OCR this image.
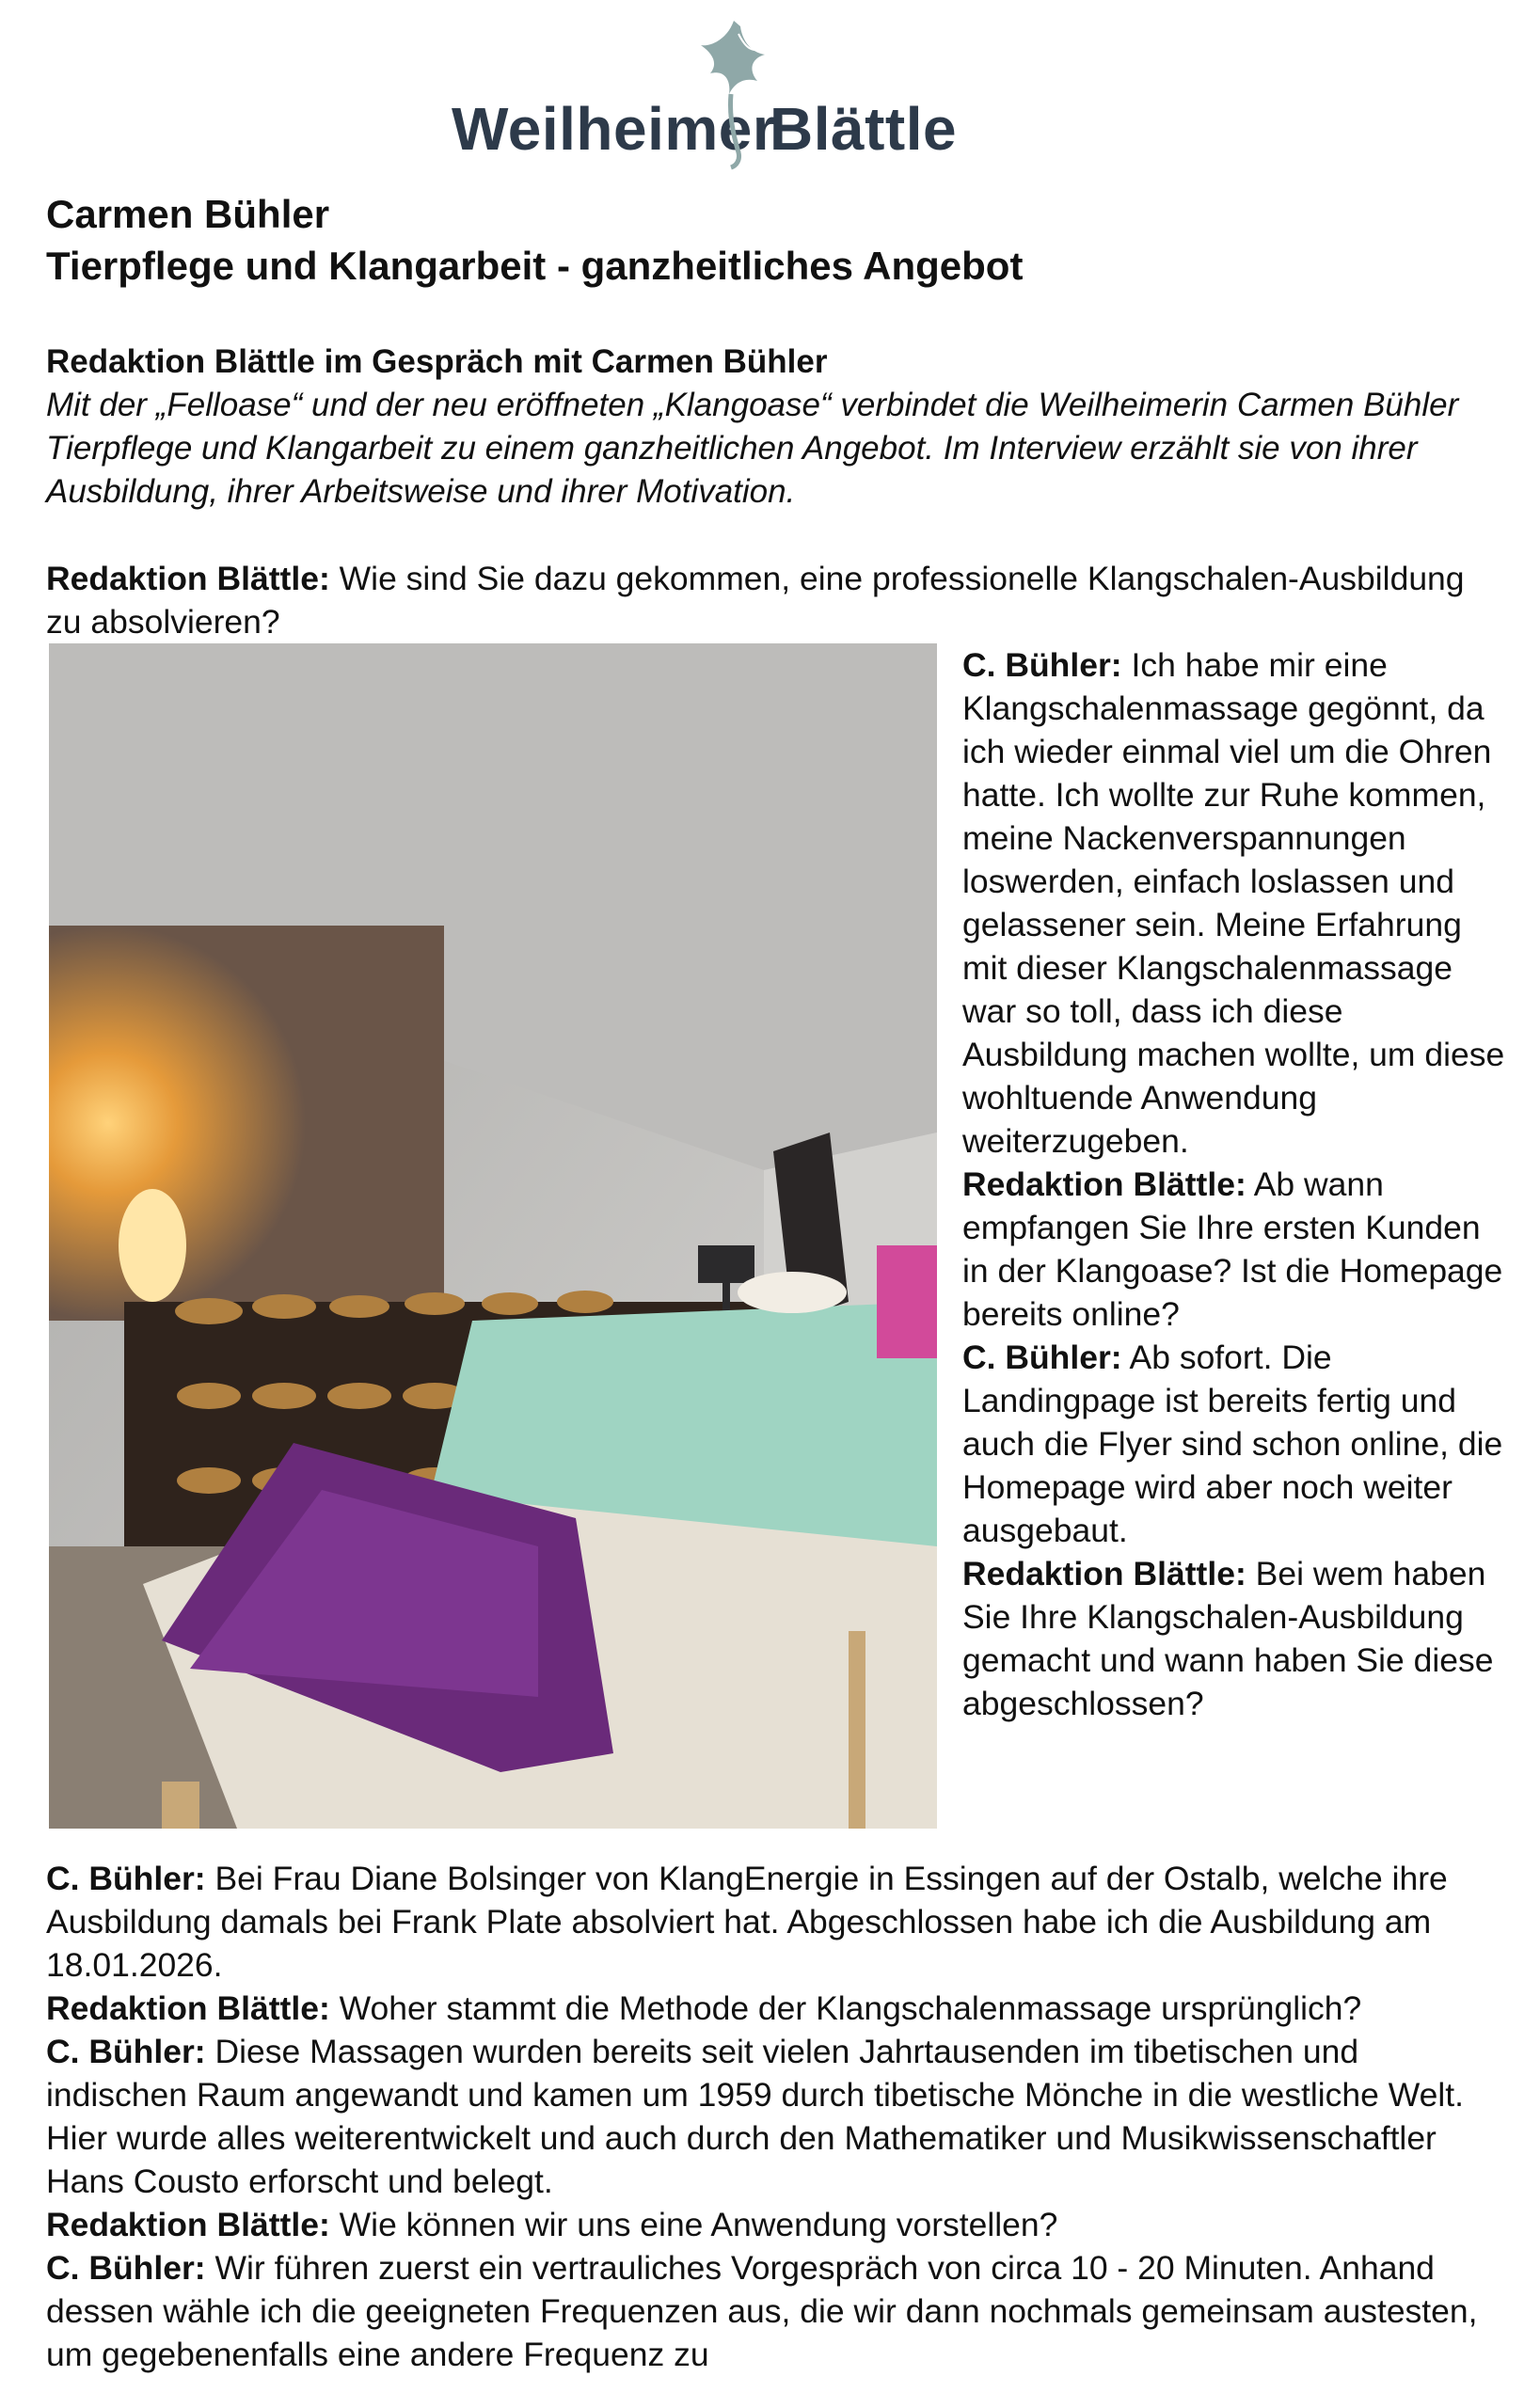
Weilheimer
Blättle

Carmen Bühler

Tierpflege und Klangarbeit - ganzheitliches Angebot

Redaktion Blättle im Gespräch mit Carmen Bühler

Mit der „Felloase“ und der neu eröffneten „Klangoase“ verbindet die Weilheimerin Carmen Bühler Tierpflege und Klangarbeit zu einem ganzheitlichen Angebot. Im Interview erzählt sie von ihrer Ausbildung, ihrer Arbeitsweise und ihrer Motivation.

Redaktion Blättle: Wie sind Sie dazu gekommen, eine professionelle Klangschalen-Ausbildung zu absolvieren?

C. Bühler: Ich habe mir eine Klangschalenmassage gegönnt, da ich wieder einmal viel um die Ohren hatte. Ich wollte zur Ruhe kommen, meine Nackenverspannungen loswerden, einfach loslassen und gelassener sein. Meine Erfahrung mit dieser Klangschalenmassage war so toll, dass ich diese Ausbildung machen wollte, um diese wohltuende Anwendung weiterzugeben.

Redaktion Blättle: Ab wann empfangen Sie Ihre ersten Kunden in der Klangoase? Ist die Homepage bereits online?

C. Bühler: Ab sofort. Die Landingpage ist bereits fertig und auch die Flyer sind schon online, die Homepage wird aber noch weiter ausgebaut.

Redaktion Blättle: Bei wem haben Sie Ihre Klangschalen-Ausbildung gemacht und wann haben Sie diese abgeschlossen?

C. Bühler: Bei Frau Diane Bolsinger von KlangEnergie in Essingen auf der Ostalb, welche ihre Ausbildung damals bei Frank Plate absolviert hat. Abgeschlossen habe ich die Ausbildung am 18.01.2026.

Redaktion Blättle: Woher stammt die Methode der Klangschalenmassage ursprünglich?

C. Bühler: Diese Massagen wurden bereits seit vielen Jahrtausenden im tibetischen und indischen Raum angewandt und kamen um 1959 durch tibetische Mönche in die westliche Welt. Hier wurde alles weiterentwickelt und auch durch den Mathematiker und Musikwissenschaftler Hans Cousto erforscht und belegt.

Redaktion Blättle: Wie können wir uns eine Anwendung vorstellen?

C. Bühler: Wir führen zuerst ein vertrauliches Vorgespräch von circa 10 - 20 Minuten. Anhand dessen wähle ich die geeigneten Frequenzen aus, die wir dann nochmals gemeinsam austesten, um gegebenenfalls eine andere Frequenz zu
